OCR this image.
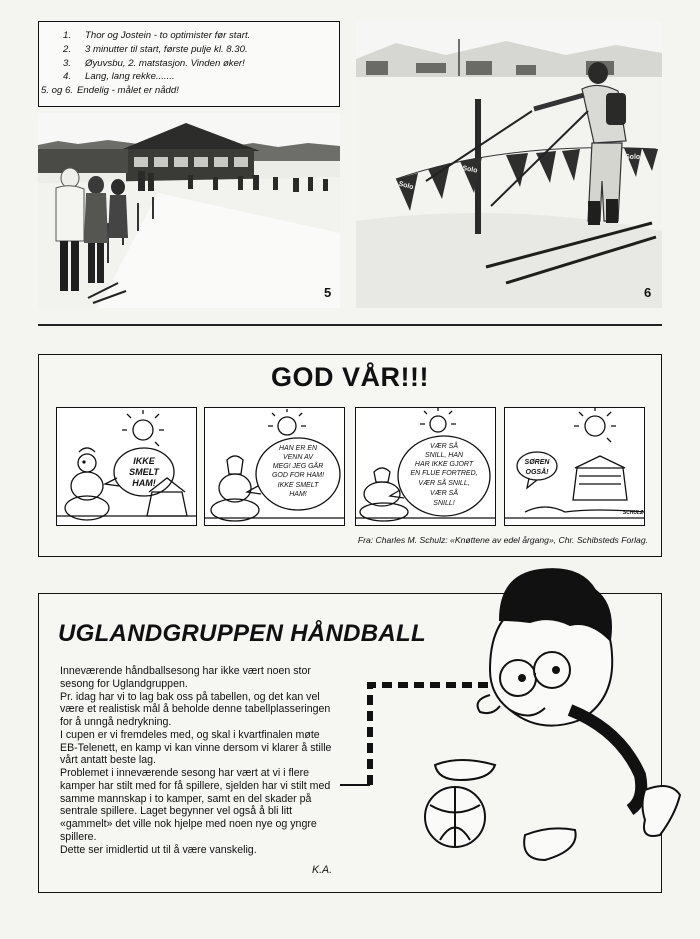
1. Thor og Jostein - to optimister før start.
2. 3 minutter til start, første pulje kl. 8.30.
3. Øyuvsbu, 2. matstasjon. Vinden øker!
4. Lang, lang rekke.......
5. og 6. Endelig - målet er nådd!
5
Solo
Solo
Solo
6
GOD VÅR!!!
IKKE
SMELT
HAM!
HAN ER EN
VENN AV
MEG! JEG GÅR
GOD FOR HAM!
IKKE SMELT
HAM!
VÆR SÅ
SNILL, HAN
HAR IKKE GJORT
EN FLUE FORTRED,
VÆR SÅ SNILL,
VÆR SÅ
SNILL!
SØREN
OGSÅ!
SCHULZ
Fra: Charles M. Schulz: «Knøttene av edel årgang», Chr. Schibsteds Forlag.
UGLANDGRUPPEN HÅNDBALL

Inneværende håndballsesong har ikke vært noen stor sesong for Uglandgruppen.

Pr. idag har vi to lag bak oss på tabellen, og det kan vel være et realistisk mål å beholde denne tabellplasseringen for å unngå nedrykning.

I cupen er vi fremdeles med, og skal i kvartfinalen møte EB-Telenett, en kamp vi kan vinne dersom vi klarer å stille vårt antatt beste lag.

Problemet i inneværende sesong har vært at vi i flere kamper har stilt med for få spillere, sjelden har vi stilt med samme mannskap i to kamper, samt en del skader på sentrale spillere. Laget begynner vel også å bli litt «gammelt» det ville nok hjelpe med noen nye og yngre spillere.

Dette ser imidlertid ut til å være vanskelig.

K.A.
